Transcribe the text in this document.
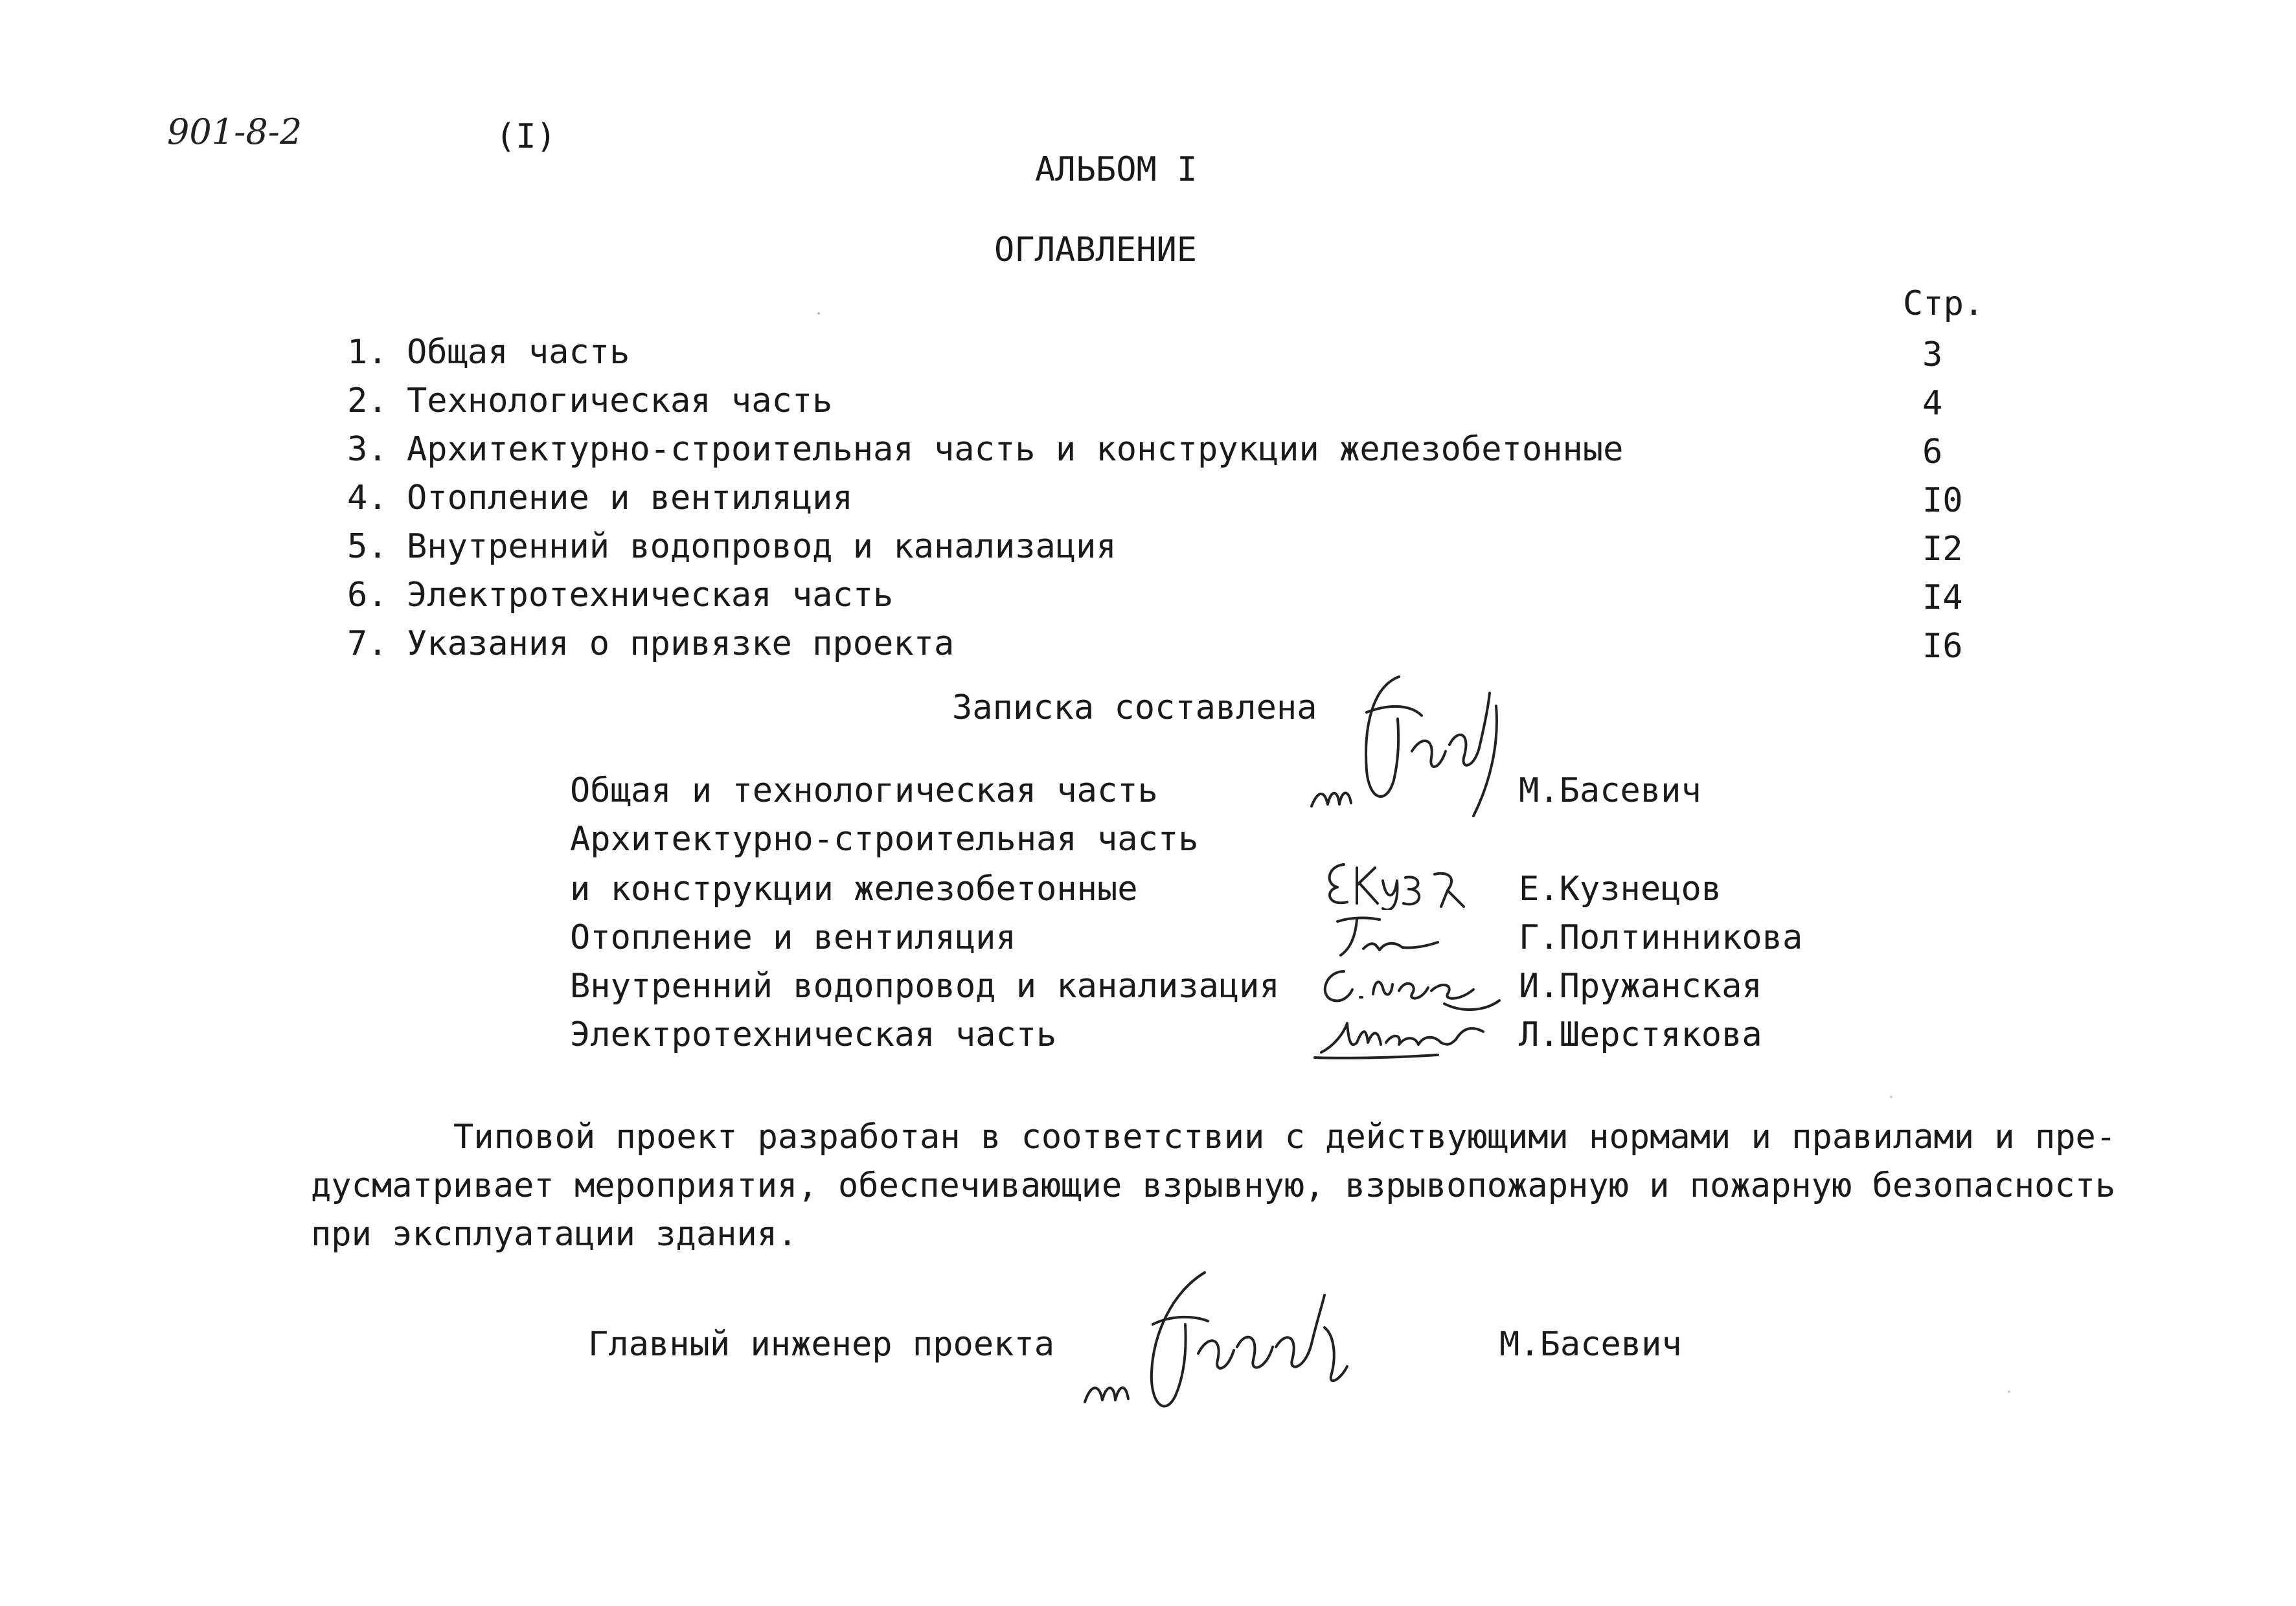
901-8-2	(I)
АЛЬБОМ I
ОГЛАВЛЕНИЕ
Стр.
1. Общая часть	3
2. Технологическая часть	4
3. Архитектурно-строительная часть и конструкции железобетонные	6
4. Отопление и вентиляция	I0
5. Внутренний водопровод и канализация	I2
6. Электротехническая часть	I4
7. Указания о привязке проекта	I6
Записка составлена
Общая и технологическая часть	М.Басевич
Архитектурно-строительная часть
и конструкции железобетонные	Е.Кузнецов
Отопление и вентиляция	Г.Полтинникова
Внутренний водопровод и канализация	И.Пружанская
Электротехническая часть	Л.Шерстякова
Типовой проект разработан в соответствии с действующими нормами и правилами и пре-
дусматривает мероприятия, обеспечивающие взрывную, взрывопожарную и пожарную безопасность
при эксплуатации здания.
Главный инженер проекта	М.Басевич
